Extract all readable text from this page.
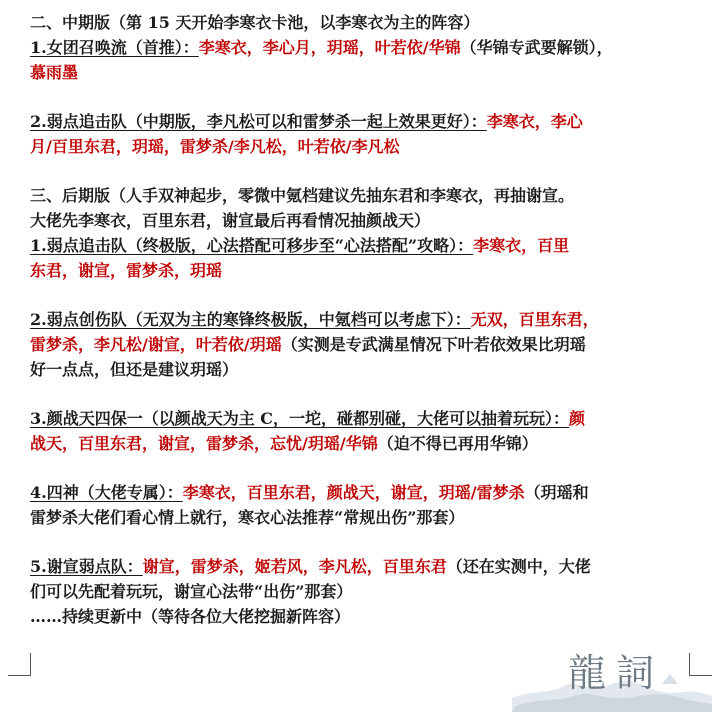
二、中期版（第 15 天开始李寒衣卡池，以李寒衣为主的阵容）
1.女团召唤流（首推）：李寒衣，李心月，玥瑶，叶若依/华锦（华锦专武要解锁），
慕雨墨
2.弱点追击队（中期版，李凡松可以和雷梦杀一起上效果更好）：李寒衣，李心
月/百里东君，玥瑶，雷梦杀/李凡松，叶若依/李凡松
三、后期版（人手双神起步，零微中氪档建议先抽东君和李寒衣，再抽谢宣。
大佬先李寒衣，百里东君，谢宣最后再看情况抽颜战天）
1.弱点追击队（终极版，心法搭配可移步至“心法搭配”攻略）：李寒衣，百里
东君，谢宣，雷梦杀，玥瑶
2.弱点创伤队（无双为主的寒锋终极版，中氪档可以考虑下）：无双，百里东君，
雷梦杀，李凡松/谢宣，叶若依/玥瑶（实测是专武满星情况下叶若依效果比玥瑶
好一点点，但还是建议玥瑶）
3.颜战天四保一（以颜战天为主 C，一坨，碰都别碰，大佬可以抽着玩玩）：颜
战天，百里东君，谢宣，雷梦杀，忘忧/玥瑶/华锦（迫不得已再用华锦）
4.四神（大佬专属）：李寒衣，百里东君，颜战天，谢宣，玥瑶/雷梦杀（玥瑶和
雷梦杀大佬们看心情上就行，寒衣心法推荐“常规出伤”那套）
5.谢宣弱点队：谢宣，雷梦杀，姬若风，李凡松，百里东君（还在实测中，大佬
们可以先配着玩玩，谢宣心法带“出伤”那套）
……持续更新中（等待各位大佬挖掘新阵容）
龍詞
